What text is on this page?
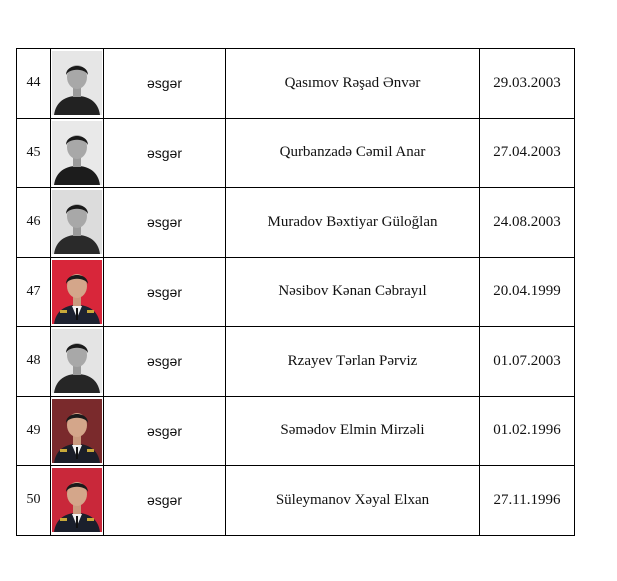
44		əsgər	Qasımov Rəşad Ənvər	29.03.2003
45		əsgər	Qurbanzadə Cəmil Anar	27.04.2003
46		əsgər	Muradov Bəxtiyar Güloğlan	24.08.2003
47		əsgər	Nəsibov Kənan Cəbrayıl	20.04.1999
48		əsgər	Rzayev Tərlan Pərviz	01.07.2003
49		əsgər	Səmədov Elmin Mirzəli	01.02.1996
50		əsgər	Süleymanov Xəyal Elxan	27.11.1996
